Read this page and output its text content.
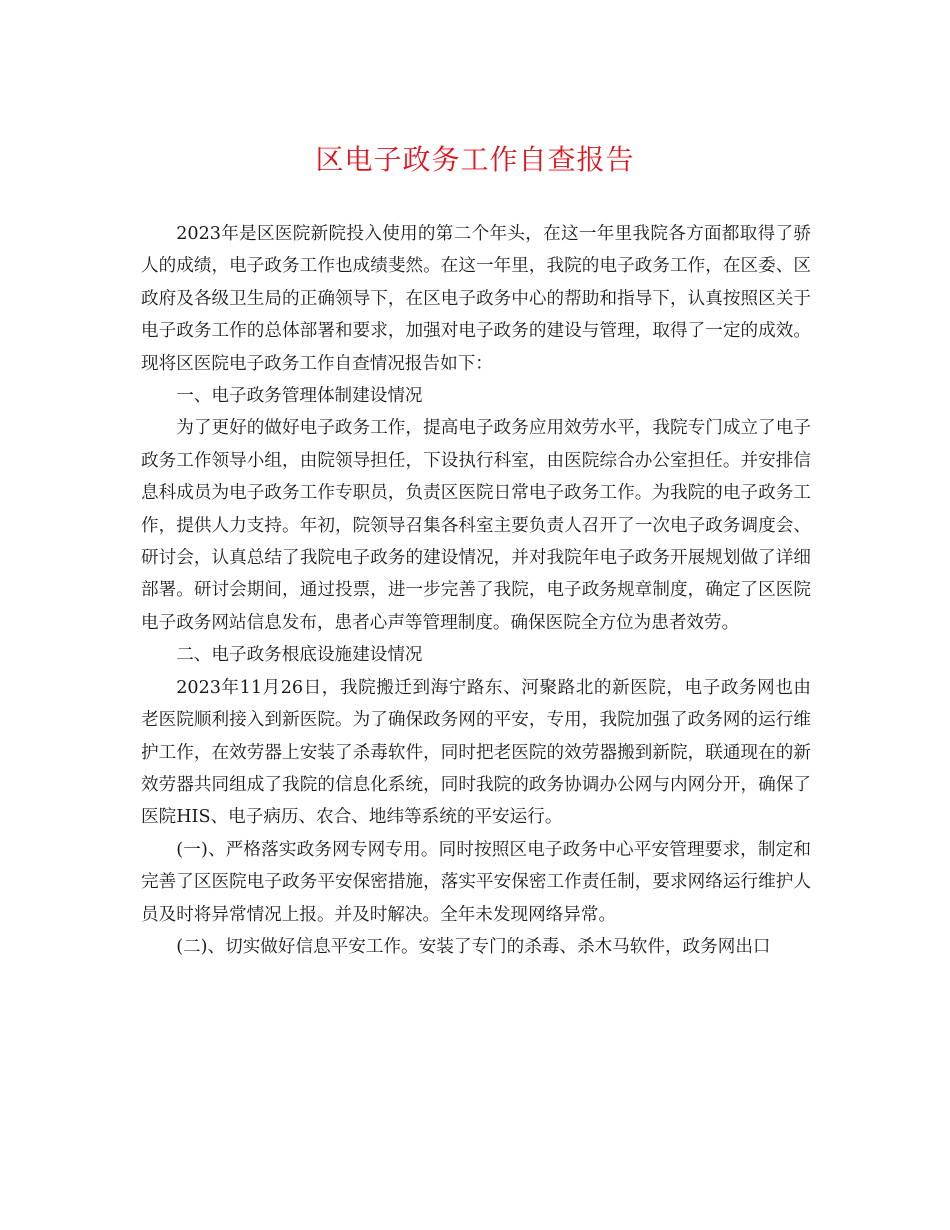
区电子政务工作自查报告

2023年是区医院新院投入使用的第二个年头，在这一年里我院各方面都取得了骄人的成绩，电子政务工作也成绩斐然。在这一年里，我院的电子政务工作，在区委、区政府及各级卫生局的正确领导下，在区电子政务中心的帮助和指导下，认真按照区关于电子政务工作的总体部署和要求，加强对电子政务的建设与管理，取得了一定的成效。现将区医院电子政务工作自查情况报告如下：

一、电子政务管理体制建设情况

为了更好的做好电子政务工作，提高电子政务应用效劳水平，我院专门成立了电子政务工作领导小组，由院领导担任，下设执行科室，由医院综合办公室担任。并安排信息科成员为电子政务工作专职员，负责区医院日常电子政务工作。为我院的电子政务工作，提供人力支持。年初，院领导召集各科室主要负责人召开了一次电子政务调度会、研讨会，认真总结了我院电子政务的建设情况，并对我院年电子政务开展规划做了详细部署。研讨会期间，通过投票，进一步完善了我院，电子政务规章制度，确定了区医院电子政务网站信息发布，患者心声等管理制度。确保医院全方位为患者效劳。

二、电子政务根底设施建设情况

2023年11月26日，我院搬迁到海宁路东、河聚路北的新医院，电子政务网也由老医院顺利接入到新医院。为了确保政务网的平安，专用，我院加强了政务网的运行维护工作，在效劳器上安装了杀毒软件，同时把老医院的效劳器搬到新院，联通现在的新效劳器共同组成了我院的信息化系统，同时我院的政务协调办公网与内网分开，确保了医院HIS、电子病历、农合、地纬等系统的平安运行。

(一)、严格落实政务网专网专用。同时按照区电子政务中心平安管理要求，制定和完善了区医院电子政务平安保密措施，落实平安保密工作责任制，要求网络运行维护人员及时将异常情况上报。并及时解决。全年未发现网络异常。

(二)、切实做好信息平安工作。安装了专门的杀毒、杀木马软件，政务网出口
